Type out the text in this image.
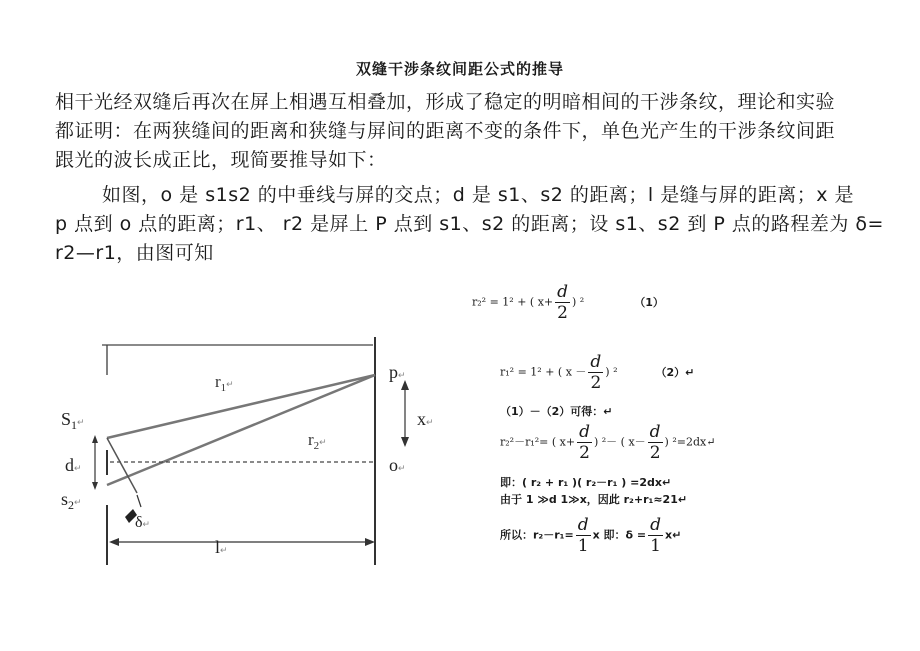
双缝干涉条纹间距公式的推导
相干光经双缝后再次在屏上相遇互相叠加，形成了稳定的明暗相间的干涉条纹，理论和实验
都证明：在两狭缝间的距离和狭缝与屏间的距离不变的条件下，单色光产生的干涉条纹间距
跟光的波长成正比，现简要推导如下：
如图，o 是 s1s2 的中垂线与屏的交点；d 是 s1、s2 的距离；l 是缝与屏的距离；x 是
p 点到 o 点的距离；r1、 r2 是屏上 P 点到 s1、s2 的距离；设 s1、s2 到 P 点的路程差为 δ=
r2—r1，由图可知
$r_1^↵$
$r_2^↵$
p↵
x↵
o↵
$S_1^↵$
d↵
$s_2^↵$
δ↵
l↵
r₂² = 1² + ( $x+ \frac{d}{2}$ ) ²	（1）
r₁² = 1² + ( $x - \frac{d}{2}$ ) ²	（2）↵
（1）－（2）可得：↵
r₂²－r₁²= ( $x+ \frac{d}{2}$ ) ²－ ( $x- \frac{d}{2}$ ) ²=2dx↵
即：( r₂ + r₁ )( r₂－r₁ ) =2dx↵
由于 1 ≫d 1≫x，因此 r₂+r₁≈21↵
所以：$r_2-r_1= \frac{d}{1}$ x 即：$\delta = \frac{d}{1}$ x↵
